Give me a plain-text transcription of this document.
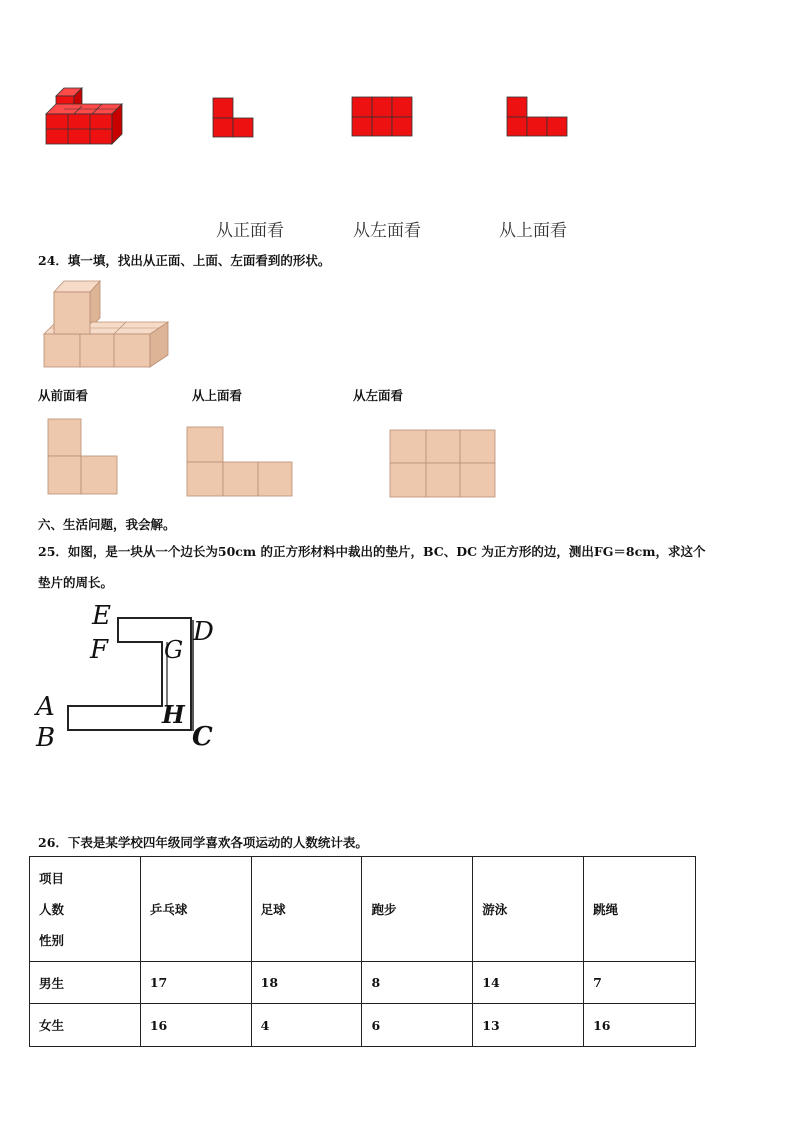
从正面看	从左面看	从上面看
24．填一填，找出从正面、上面、左面看到的形状。
从前面看	从上面看	从左面看
六、生活问题，我会解。
25．如图，是一块从一个边长为50cm 的正方形材料中裁出的垫片，BC、DC 为正方形的边，测出FG＝8cm，求这个
垫片的周长。
E
F G
D
A
B
H
C
26．下表是某学校四年级同学喜欢各项运动的人数统计表。
项目
人数
性别	乒乓球	足球	跑步	游泳	跳绳
男生	17	18	8	14	7
女生	16	4	6	13	16
